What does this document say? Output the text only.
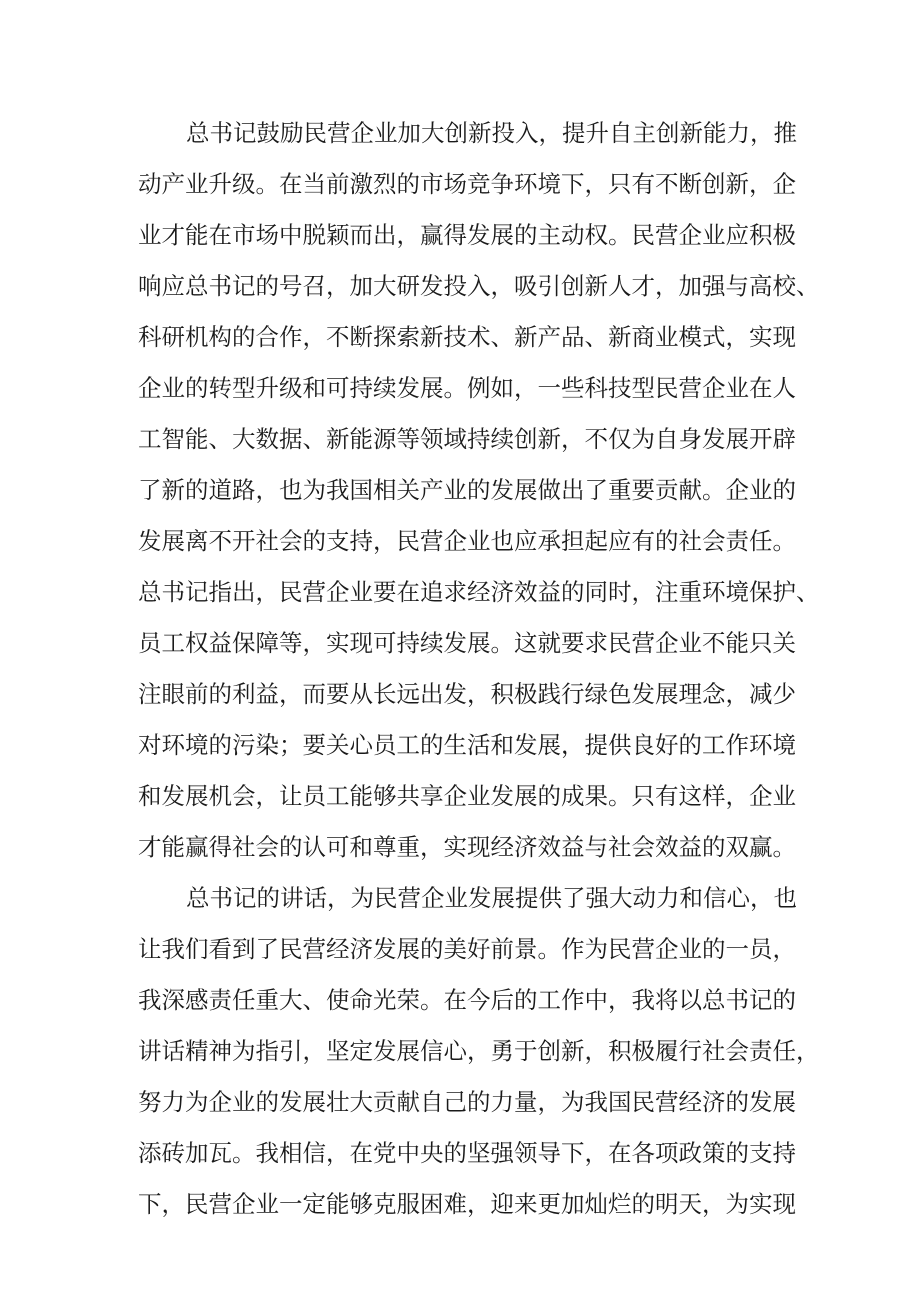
总书记鼓励民营企业加大创新投入，提升自主创新能力，推
动产业升级。在当前激烈的市场竞争环境下，只有不断创新，企
业才能在市场中脱颖而出，赢得发展的主动权。民营企业应积极
响应总书记的号召，加大研发投入，吸引创新人才，加强与高校、
科研机构的合作，不断探索新技术、新产品、新商业模式，实现
企业的转型升级和可持续发展。例如，一些科技型民营企业在人
工智能、大数据、新能源等领域持续创新，不仅为自身发展开辟
了新的道路，也为我国相关产业的发展做出了重要贡献。企业的
发展离不开社会的支持，民营企业也应承担起应有的社会责任。
总书记指出，民营企业要在追求经济效益的同时，注重环境保护、
员工权益保障等，实现可持续发展。这就要求民营企业不能只关
注眼前的利益，而要从长远出发，积极践行绿色发展理念，减少
对环境的污染；要关心员工的生活和发展，提供良好的工作环境
和发展机会，让员工能够共享企业发展的成果。只有这样，企业
才能赢得社会的认可和尊重，实现经济效益与社会效益的双赢。
总书记的讲话，为民营企业发展提供了强大动力和信心，也
让我们看到了民营经济发展的美好前景。作为民营企业的一员，
我深感责任重大、使命光荣。在今后的工作中，我将以总书记的
讲话精神为指引，坚定发展信心，勇于创新，积极履行社会责任，
努力为企业的发展壮大贡献自己的力量，为我国民营经济的发展
添砖加瓦。我相信，在党中央的坚强领导下，在各项政策的支持
下，民营企业一定能够克服困难，迎来更加灿烂的明天，为实现
